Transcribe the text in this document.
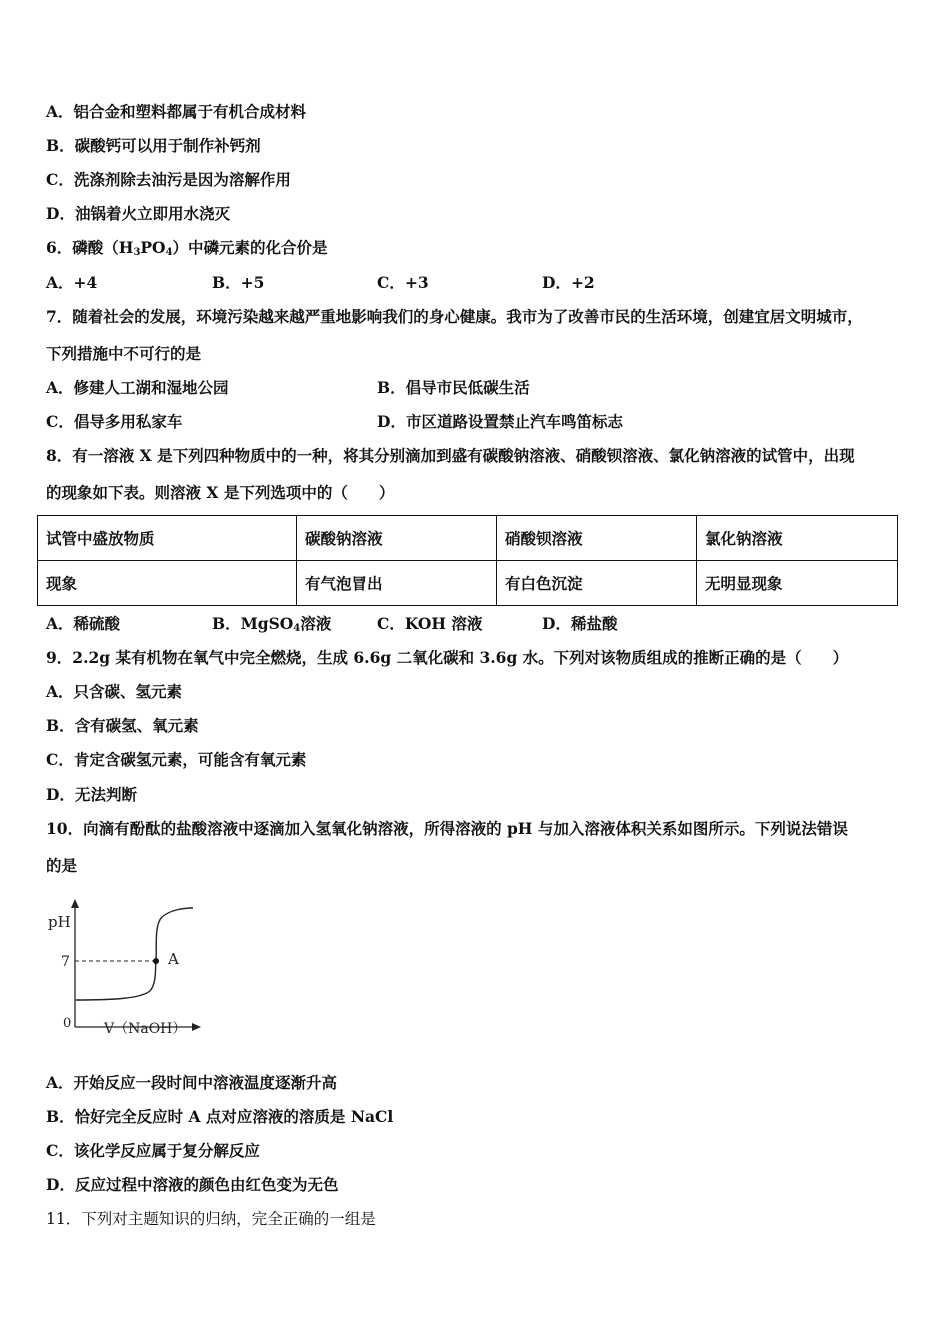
A．铝合金和塑料都属于有机合成材料
B．碳酸钙可以用于制作补钙剂
C．洗涤剂除去油污是因为溶解作用
D．油锅着火立即用水浇灭
6．磷酸$(H_3PO_4)$中磷元素的化合价是
A．+4	B．+5	C．+3	D．+2
7．随着社会的发展，环境污染越来越严重地影响我们的身心健康。我市为了改善市民的生活环境，创建宜居文明城市，
下列措施中不可行的是
A．修建人工湖和湿地公园	B．倡导市民低碳生活
C．倡导多用私家车	D．市区道路设置禁止汽车鸣笛标志
8．有一溶液 X 是下列四种物质中的一种，将其分别滴加到盛有碳酸钠溶液、硝酸钡溶液、氯化钠溶液的试管中，出现
的现象如下表。则溶液 X 是下列选项中的（　　）
试管中盛放物质	碳酸钠溶液	硝酸钡溶液	氯化钠溶液
现象	有气泡冒出	有白色沉淀	无明显现象
A．稀硫酸	B．MgSO$_4$溶液	C．KOH 溶液	D．稀盐酸
9．2.2g 某有机物在氧气中完全燃烧，生成 6.6g 二氧化碳和 3.6g 水。下列对该物质组成的推断正确的是（　　）
A．只含碳、氢元素
B．含有碳氢、氧元素
C．肯定含碳氢元素，可能含有氧元素
D．无法判断
10．向滴有酚酞的盐酸溶液中逐滴加入氢氧化钠溶液，所得溶液的 pH 与加入溶液体积关系如图所示。下列说法错误
的是
pH
7	A
0 V（NaOH）
A．开始反应一段时间中溶液温度逐渐升高
B．恰好完全反应时 A 点对应溶液的溶质是 NaCl
C．该化学反应属于复分解反应
D．反应过程中溶液的颜色由红色变为无色
11．下列对主题知识的归纳，完全正确的一组是
